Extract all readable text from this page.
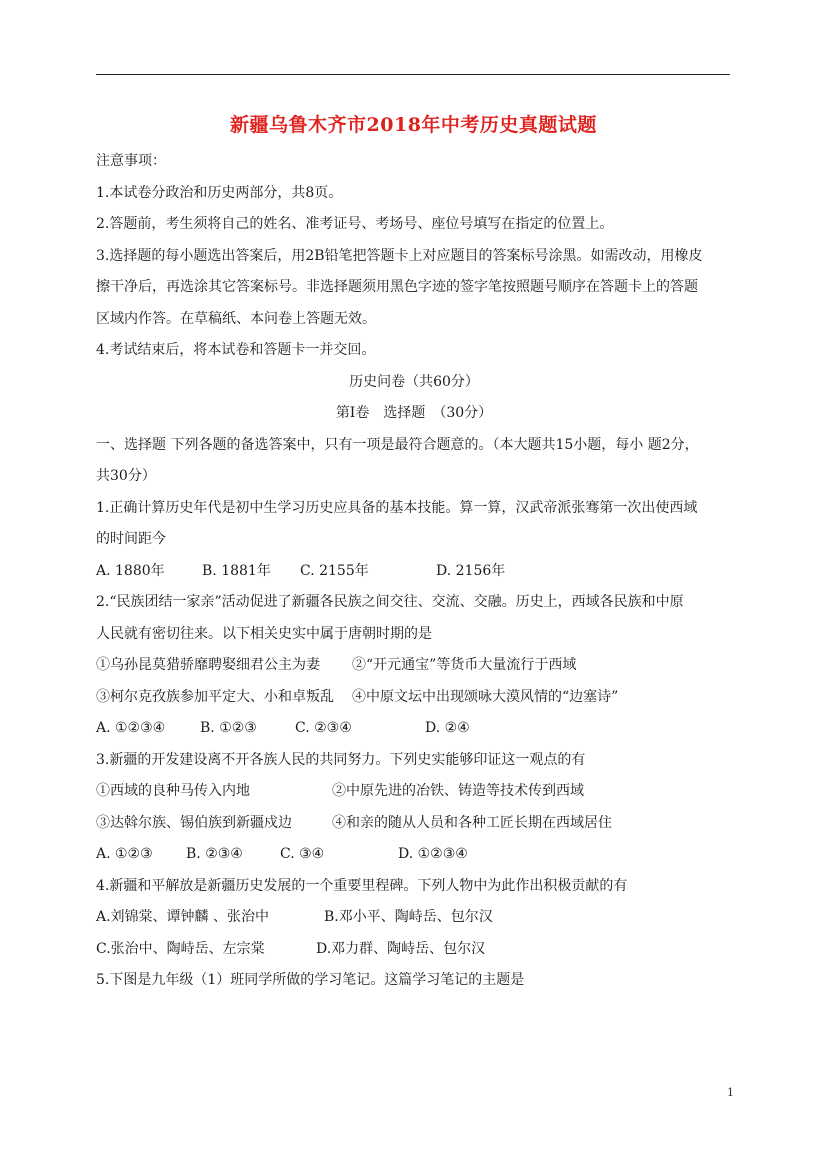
新疆乌鲁木齐市2018年中考历史真题试题
注意事项：
1.本试卷分政治和历史两部分，共8页。
2.答题前，考生须将自己的姓名、准考证号、考场号、座位号填写在指定的位置上。
3.选择题的每小题选出答案后，用2B铅笔把答题卡上对应题目的答案标号涂黑。如需改动，用橡皮
擦干净后，再选涂其它答案标号。非选择题须用黑色字迹的签字笔按照题号顺序在答题卡上的答题
区域内作答。在草稿纸、本问卷上答题无效。
4.考试结束后，将本试卷和答题卡一并交回。
历史问卷（共60分）
第Ⅰ卷　选择题　（30分）
一、选择题 下列各题的备选答案中，只有一项是最符合题意的。（本大题共15小题，每小 题2分，
共30分）
1.正确计算历史年代是初中生学习历史应具备的基本技能。算一算，汉武帝派张骞第一次出使西域
的时间距今
A. 1880年	B. 1881年 C. 2155年	D. 2156年
2.“民族团结一家亲”活动促进了新疆各民族之间交往、交流、交融。历史上，西域各民族和中原
人民就有密切往来。以下相关史实中属于唐朝时期的是
①乌孙昆莫猎骄靡聘娶细君公主为妻 ②“开元通宝”等货币大量流行于西域
③柯尔克孜族参加平定大、小和卓叛乱 ④中原文坛中出现颂咏大漠风情的“边塞诗”
A. ①②③④ B. ①②③	C. ②③④	D. ②④
3.新疆的开发建设离不开各族人民的共同努力。下列史实能够印证这一观点的有
①西域的良种马传入内地	②中原先进的冶铁、铸造等技术传到西域
③达斡尔族、锡伯族到新疆戍边	④和亲的随从人员和各种工匠长期在西域居住
A. ①②③ B. ②③④	C. ③④	D. ①②③④
4.新疆和平解放是新疆历史发展的一个重要里程碑。下列人物中为此作出积极贡献的有
A.刘锦棠、谭钟麟 、张治中	B.邓小平、陶峙岳、包尔汉
C.张治中、陶峙岳、左宗棠	D.邓力群、陶峙岳、包尔汉
5.下图是九年级（1）班同学所做的学习笔记。这篇学习笔记的主题是
1
